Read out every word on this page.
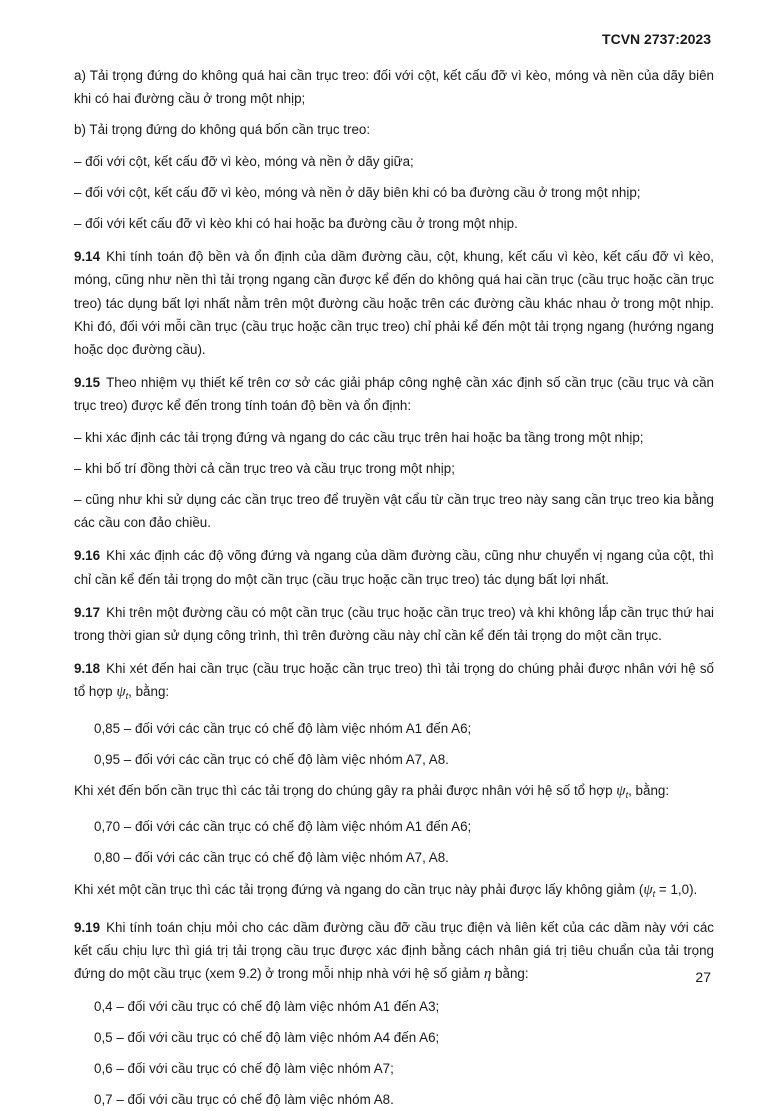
TCVN 2737:2023

a) Tải trọng đứng do không quá hai cần trục treo: đối với cột, kết cấu đỡ vì kèo, móng và nền của dãy biên khi có hai đường cầu ở trong một nhịp;

b) Tải trọng đứng do không quá bốn cần trục treo:

– đối với cột, kết cấu đỡ vì kèo, móng và nền ở dãy giữa;

– đối với cột, kết cấu đỡ vì kèo, móng và nền ở dãy biên khi có ba đường cầu ở trong một nhịp;

– đối với kết cấu đỡ vì kèo khi có hai hoặc ba đường cầu ở trong một nhịp.

9.14 Khi tính toán độ bền và ổn định của dầm đường cầu, cột, khung, kết cấu vì kèo, kết cấu đỡ vì kèo, móng, cũng như nền thì tải trọng ngang cần được kể đến do không quá hai cần trục (cầu trục hoặc cần trục treo) tác dụng bất lợi nhất nằm trên một đường cầu hoặc trên các đường cầu khác nhau ở trong một nhịp. Khi đó, đối với mỗi cần trục (cầu trục hoặc cần trục treo) chỉ phải kể đến một tải trọng ngang (hướng ngang hoặc dọc đường cầu).

9.15 Theo nhiệm vụ thiết kế trên cơ sở các giải pháp công nghệ cần xác định số cần trục (cầu trục và cần trục treo) được kể đến trong tính toán độ bền và ổn định:

– khi xác định các tải trọng đứng và ngang do các cầu trục trên hai hoặc ba tầng trong một nhịp;

– khi bố trí đồng thời cả cần trục treo và cầu trục trong một nhịp;

– cũng như khi sử dụng các cần trục treo để truyền vật cẩu từ cần trục treo này sang cần trục treo kia bằng các cầu con đảo chiều.

9.16 Khi xác định các độ võng đứng và ngang của dầm đường cầu, cũng như chuyển vị ngang của cột, thì chỉ cần kể đến tải trọng do một cần trục (cầu trục hoặc cần trục treo) tác dụng bất lợi nhất.

9.17 Khi trên một đường cầu có một cần trục (cầu trục hoặc cần trục treo) và khi không lắp cần trục thứ hai trong thời gian sử dụng công trình, thì trên đường cầu này chỉ cần kể đến tải trọng do một cần trục.

9.18 Khi xét đến hai cần trục (cầu trục hoặc cần trục treo) thì tải trọng do chúng phải được nhân với hệ số tổ hợp $\psi_t$, bằng:

0,85 – đối với các cần trục có chế độ làm việc nhóm A1 đến A6;

0,95 – đối với các cần trục có chế độ làm việc nhóm A7, A8.

Khi xét đến bốn cần trục thì các tải trọng do chúng gây ra phải được nhân với hệ số tổ hợp $\psi_t$, bằng:

0,70 – đối với các cần trục có chế độ làm việc nhóm A1 đến A6;

0,80 – đối với các cần trục có chế độ làm việc nhóm A7, A8.

Khi xét một cần trục thì các tải trọng đứng và ngang do cần trục này phải được lấy không giảm $(\psi_t = 1,0)$.

9.19 Khi tính toán chịu mỏi cho các dầm đường cầu đỡ cầu trục điện và liên kết của các dầm này với các kết cấu chịu lực thì giá trị tải trọng cầu trục được xác định bằng cách nhân giá trị tiêu chuẩn của tải trọng đứng do một cầu trục (xem 9.2) ở trong mỗi nhịp nhà với hệ số giảm η bằng:

0,4 – đối với cầu trục có chế độ làm việc nhóm A1 đến A3;

0,5 – đối với cầu trục có chế độ làm việc nhóm A4 đến A6;

0,6 – đối với cầu trục có chế độ làm việc nhóm A7;

0,7 – đối với cầu trục có chế độ làm việc nhóm A8.

27
